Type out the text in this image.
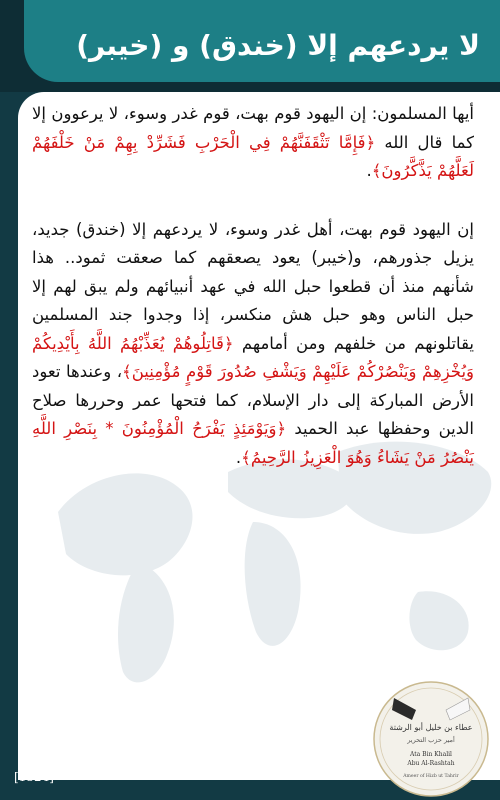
لا يردعهم إلا (خندق) و (خيبر)

أيها المسلمون: إن اليهود قوم بهت، قوم غدر وسوء، لا يرعوون إلا كما قال الله ﴿فَإِمَّا تَثْقَفَنَّهُمْ فِي الْحَرْبِ فَشَرِّدْ بِهِمْ مَنْ خَلْفَهُمْ لَعَلَّهُمْ يَذَّكَّرُونَ﴾.

إن اليهود قوم بهت، أهل غدر وسوء، لا يردعهم إلا (خندق) جديد، يزيل جذورهم، و(خيبر) يعود يصعقهم كما صعقت ثمود.. هذا شأنهم منذ أن قطعوا حبل الله في عهد أنبيائهم ولم يبق لهم إلا حبل الناس وهو حبل هش منكسر، إذا وجدوا جند المسلمين يقاتلونهم من خلفهم ومن أمامهم ﴿قَاتِلُوهُمْ يُعَذِّبْهُمُ اللَّهُ بِأَيْدِيكُمْ وَيُخْزِهِمْ وَيَنْصُرْكُمْ عَلَيْهِمْ وَيَشْفِ صُدُورَ قَوْمٍ مُؤْمِنِينَ﴾، وعندها تعود الأرض المباركة إلى دار الإسلام، كما فتحها عمر وحررها صلاح الدين وحفظها عبد الحميد ﴿وَيَوْمَئِذٍ يَفْرَحُ الْمُؤْمِنُونَ * بِنَصْرِ اللَّهِ يَنْصُرُ مَنْ يَشَاءُ وَهُوَ الْعَزِيزُ الرَّحِيمُ﴾.

وأخيراً بعد القتل المريع والتدمير الفظيع الذي ارتكبه يهود في غزة..
وبعد الصمت الشنيع من حكام المسلمين.. ترامب يصنع وقفاً ملغوماً لإطلاق النار
١٩ رجب ١٤٤٦هـ - ٢٠٢٥/١/١٩م
[1524]
عطاء بن خليل أبو الرشتة
أمير حزب التحرير
Ata Bin Khalil
Abu Al-Rashtah
Ameer of Hizb ut Tahrir
